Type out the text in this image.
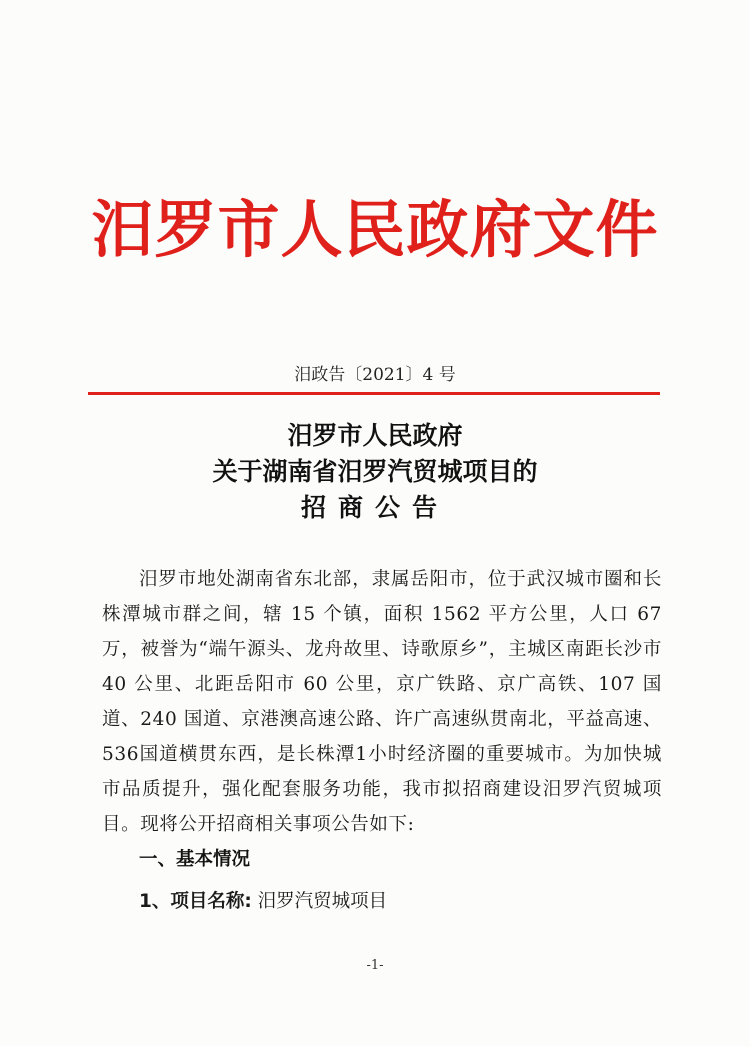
汨罗市人民政府文件
汨政告〔2021〕4 号
汨罗市人民政府
关于湖南省汨罗汽贸城项目的
招商公告
汨罗市地处湖南省东北部，隶属岳阳市，位于武汉城市圈和长株潭城市群之间，辖 15 个镇，面积 1562 平方公里，人口 67 万，被誉为“端午源头、龙舟故里、诗歌原乡”，主城区南距长沙市 40 公里、北距岳阳市 60 公里，京广铁路、京广高铁、107 国道、240 国道、京港澳高速公路、许广高速纵贯南北，平益高速、536国道横贯东西，是长株潭1小时经济圈的重要城市。为加快城市品质提升，强化配套服务功能，我市拟招商建设汨罗汽贸城项目。现将公开招商相关事项公告如下:
一、基本情况
1、项目名称: 汨罗汽贸城项目
-1-
